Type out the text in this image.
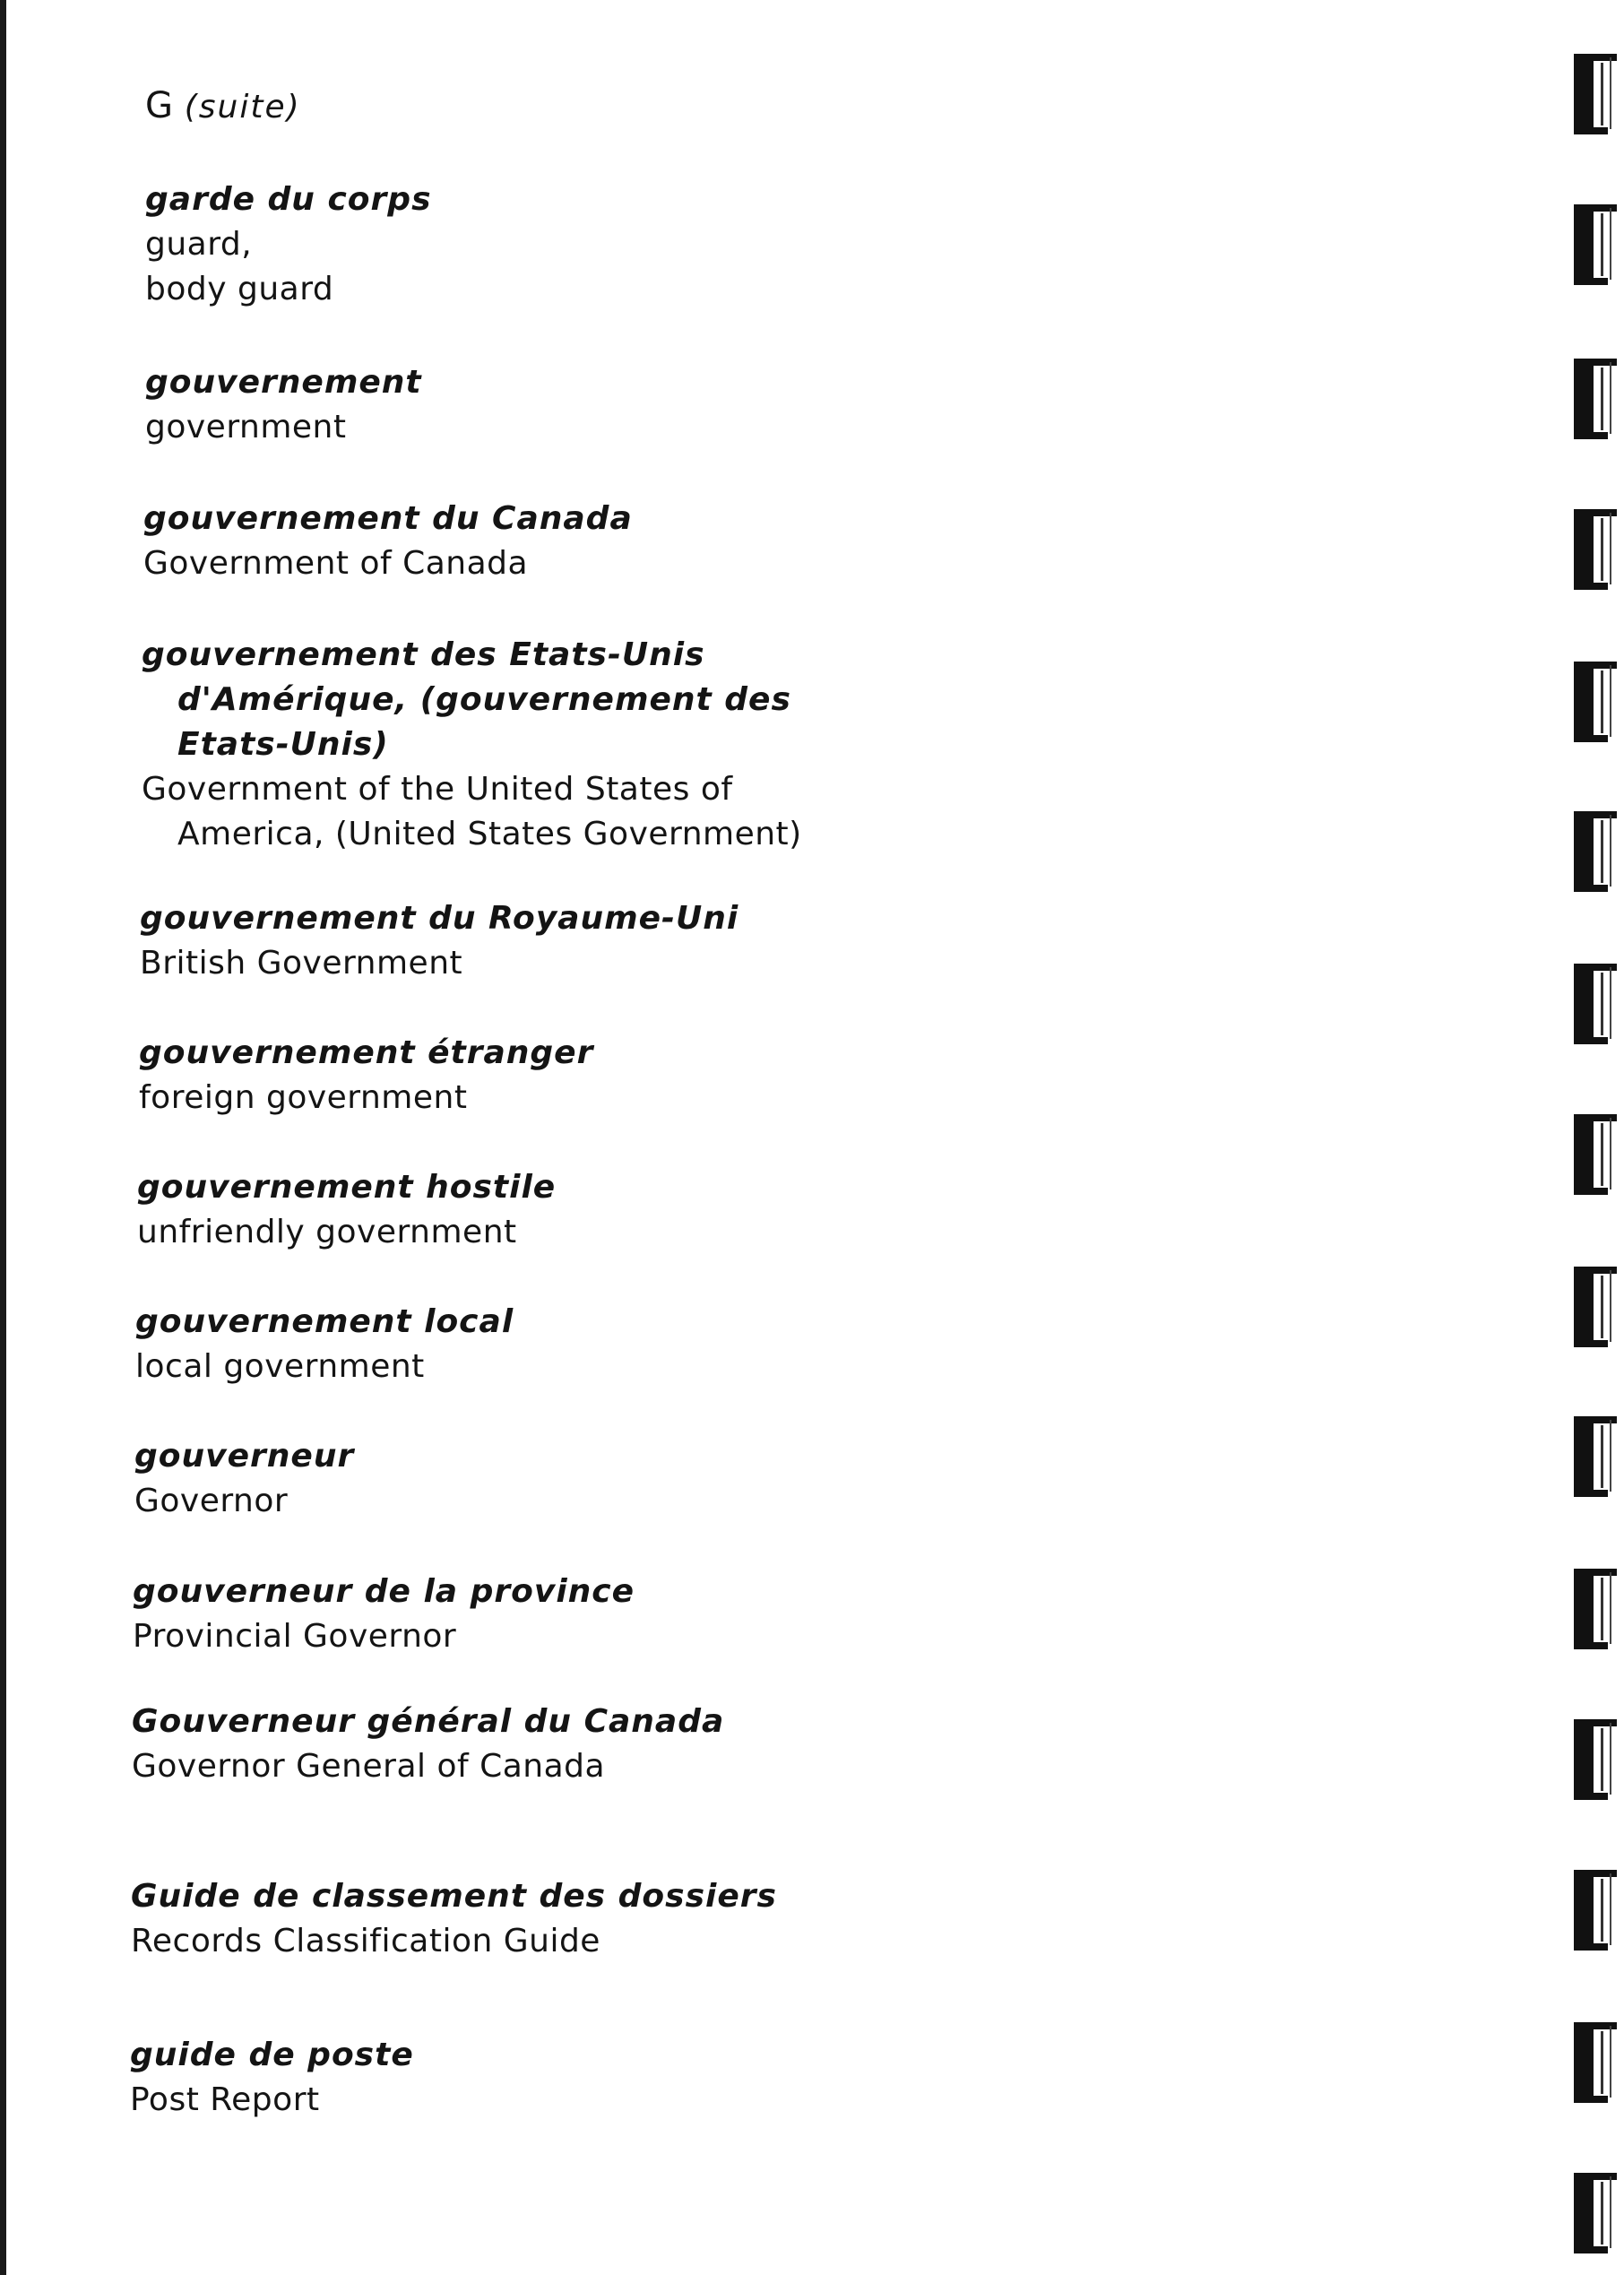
G (suite)
garde du corps
guard,
body guard
gouvernement
government
gouvernement du Canada
Government of Canada
gouvernement des Etats-Unis
d'Amérique, (gouvernement des
Etats-Unis)
Government of the United States of
America, (United States Government)
gouvernement du Royaume-Uni
British Government
gouvernement étranger
foreign government
gouvernement hostile
unfriendly government
gouvernement local
local government
gouverneur
Governor
gouverneur de la province
Provincial Governor
Gouverneur général du Canada
Governor General of Canada
Guide de classement des dossiers
Records Classification Guide
guide de poste
Post Report
